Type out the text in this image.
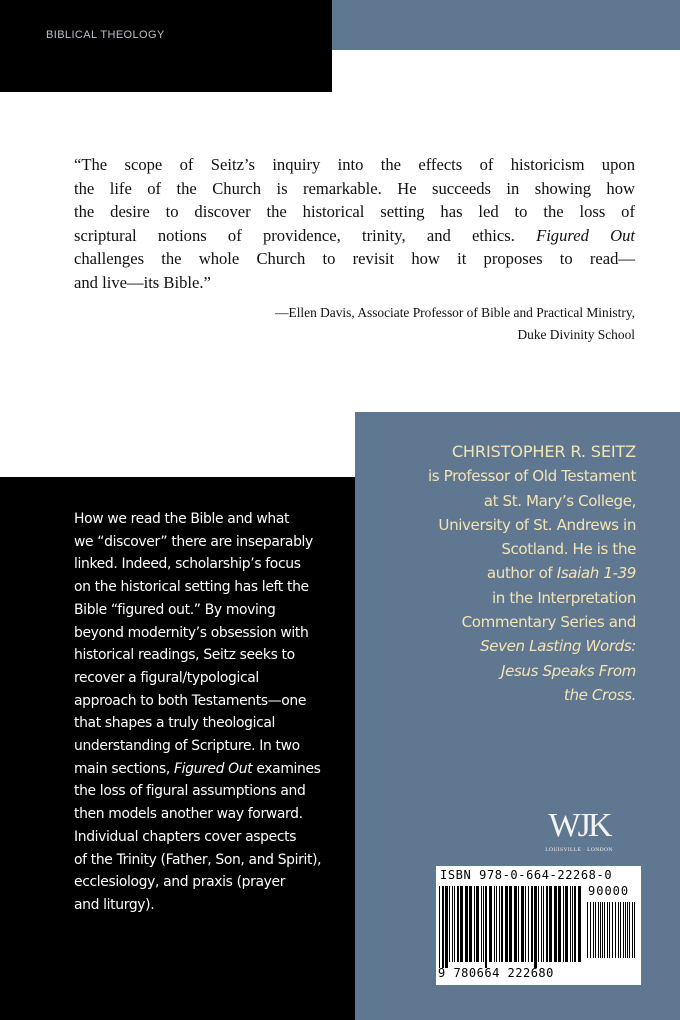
BIBLICAL THEOLOGY
“The scope of Seitz’s inquiry into the effects of historicism upon
the life of the Church is remarkable. He succeeds in showing how
the desire to discover the historical setting has led to the loss of
scriptural notions of providence, trinity, and ethics. Figured Out
challenges the whole Church to revisit how it proposes to read—
and live—its Bible.”
—Ellen Davis, Associate Professor of Bible and Practical Ministry,
Duke Divinity School
How we read the Bible and what
we “discover” there are inseparably
linked. Indeed, scholarship’s focus
on the historical setting has left the
Bible “figured out.” By moving
beyond modernity’s obsession with
historical readings, Seitz seeks to
recover a figural/typological
approach to both Testaments—one
that shapes a truly theological
understanding of Scripture. In two
main sections, Figured Out examines
the loss of figural assumptions and
then models another way forward.
Individual chapters cover aspects
of the Trinity (Father, Son, and Spirit),
ecclesiology, and praxis (prayer
and liturgy).
CHRISTOPHER R. SEITZ
is Professor of Old Testament
at St. Mary’s College,
University of St. Andrews in
Scotland. He is the
author of Isaiah 1-39
in the Interpretation
Commentary Series and
Seven Lasting Words:
Jesus Speaks From
the Cross.
WJK
LOUISVILLE · LONDON
ISBN 978-0-664-22268-0
90000
9 780664 222680
